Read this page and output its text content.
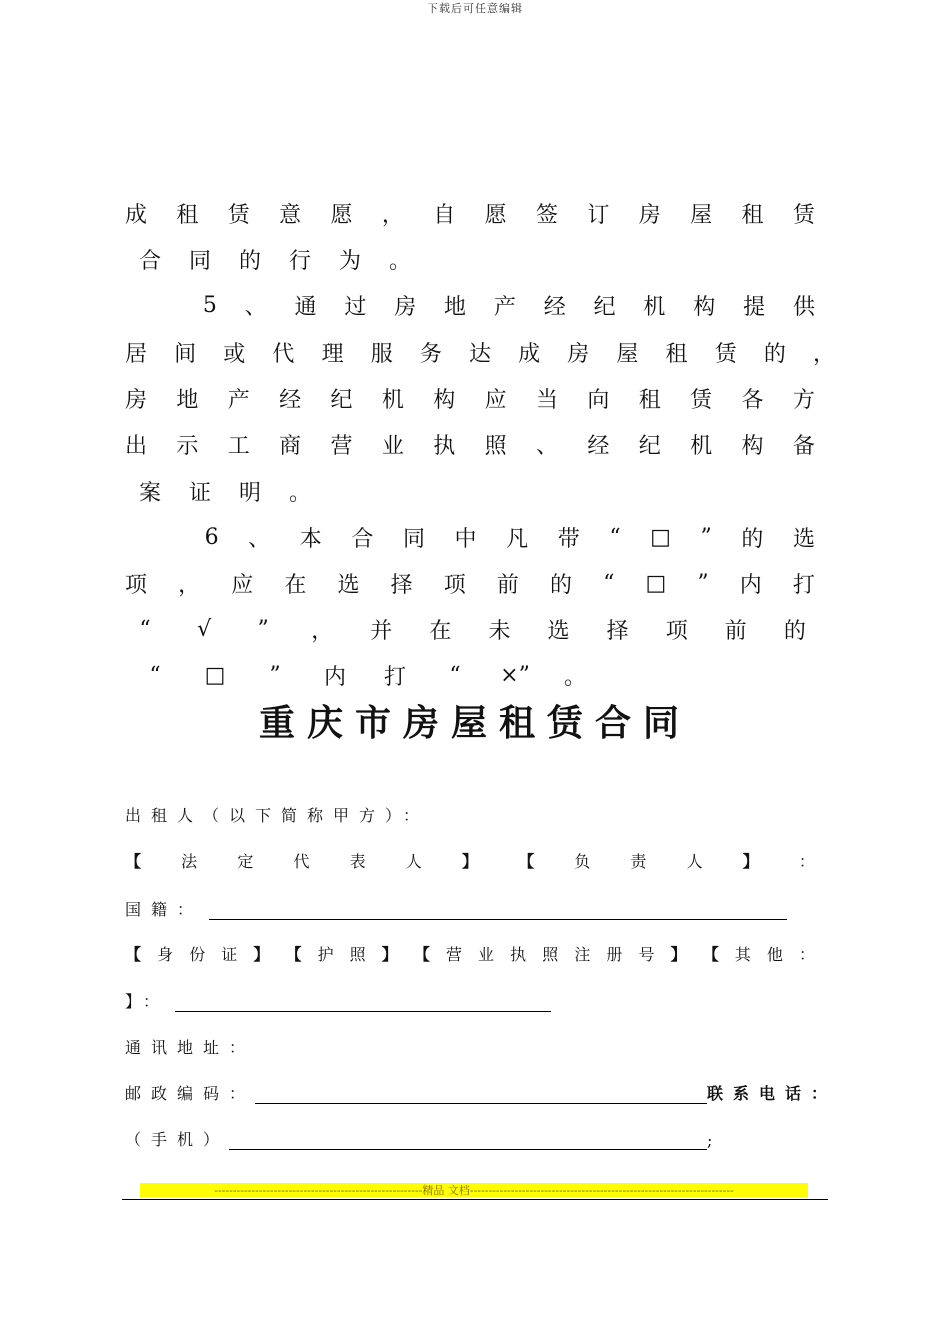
下载后可任意编辑
成 租 赁 意 愿 ， 自 愿 签 订 房 屋 租 赁
合	同	的	行	为	。
5 、 通 过 房 地 产 经 纪 机 构 提 供
居 间 或 代 理 服 务 达 成 房 屋 租 赁 的 ，
房 地 产 经 纪 机 构 应 当 向 租 赁 各 方
出 示 工 商 营 业 执 照 、 经 纪 机 构 备
案	证	明	。
6 、 本 合 同 中 凡 带 “ □ ” 的 选
项 ， 应 在 选 择 项 前 的 “ □ ” 内 打
“	√	”	，	并	在	未	选	择	项	前	的
“	□	”	内	打	“	×”	。
重庆市房屋租赁合同
出租人（以下简称甲方）：
【	法	定	代	表	人	】	【	负	责	人	】	：
国籍：
【 身 份 证 】 【 护 照 】 【 营 业 执 照 注 册 号 】 【 其 他 ：
】：
通讯地址：
邮政编码：	联系电话：
（手机）	;
--------------------------------------------------------精品 文档-----------------------------------------------------------------------
